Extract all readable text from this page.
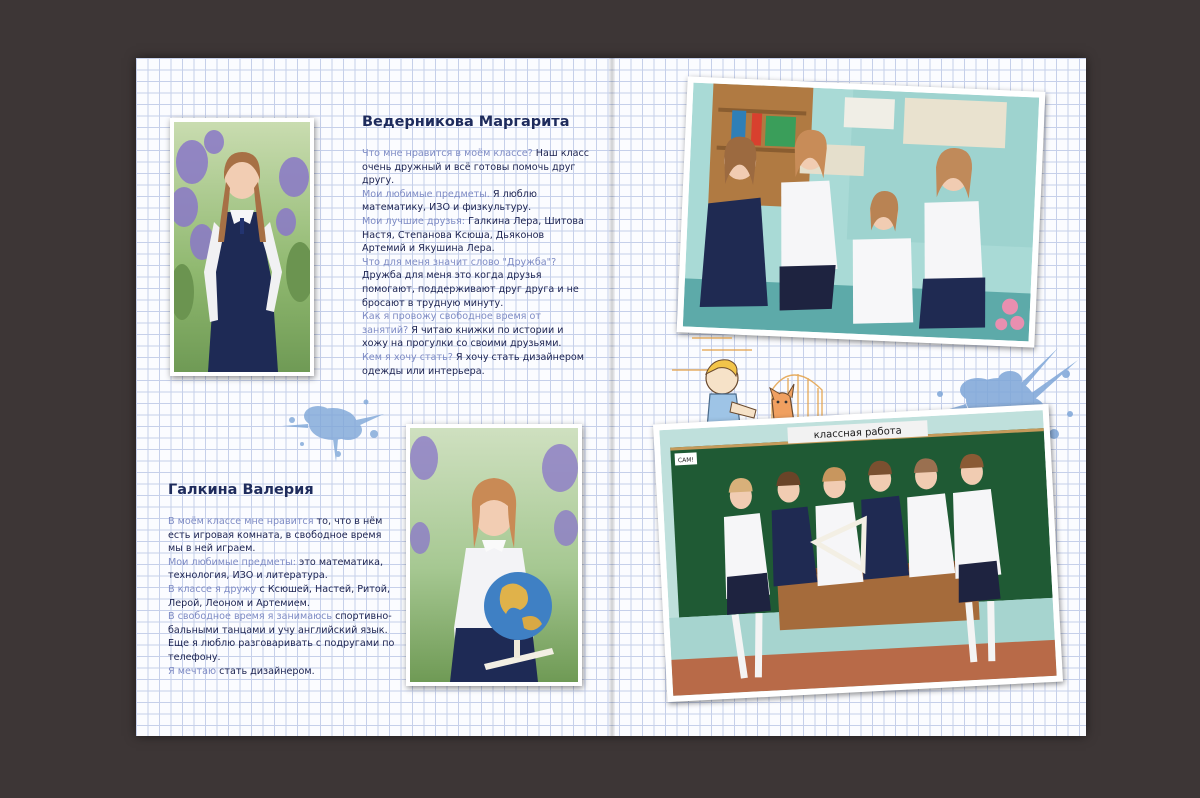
Ведерникова Маргарита

Что мне нравится в моём классе? Наш класс очень дружный и всё готовы помочь друг другу.
Мои любимые предметы. Я люблю математику, ИЗО и физкультуру.
Мои лучшие друзья: Галкина Лера, Шитова Настя, Степанова Ксюша, Дьяконов Артемий и Якушина Лера.
Что для меня значит слово "Дружба"? Дружба для меня это когда друзья помогают, поддерживают друг друга и не бросают в трудную минуту.
Как я провожу свободное время от занятий? Я читаю книжки по истории и хожу на прогулки со своими друзьями.
Кем я хочу стать? Я хочу стать дизайнером одежды или интерьера.

Галкина Валерия

В моём классе мне нравится то, что в нём есть игровая комната, в свободное время мы в ней играем.
Мои любимые предметы: это математика, технология, ИЗО и литература.
В классе я дружу с Ксюшей, Настей, Ритой, Лерой, Леоном и Артемием.
В свободное время я занимаюсь спортивно-бальными танцами и учу английский язык. Еще я люблю разговаривать с подругами по телефону.
Я мечтаю стать дизайнером.

классная работа
САМ!
